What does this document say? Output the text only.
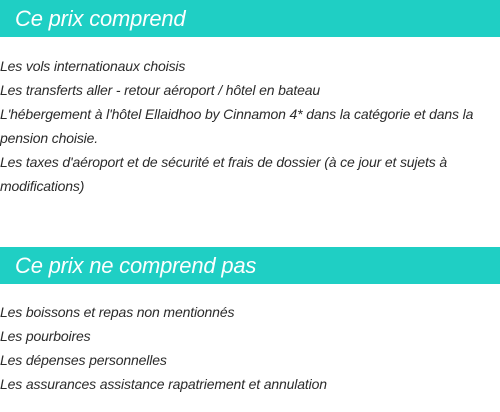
Ce prix comprend
Les vols internationaux choisis
Les transferts aller - retour aéroport / hôtel en bateau
L'hébergement à l'hôtel Ellaidhoo by Cinnamon 4* dans la catégorie et dans la pension choisie.
Les taxes d'aéroport et de sécurité et frais de dossier (à ce jour et sujets à modifications)
Ce prix ne comprend pas
Les boissons et repas non mentionnés
Les pourboires
Les dépenses personnelles
Les assurances assistance rapatriement et annulation
